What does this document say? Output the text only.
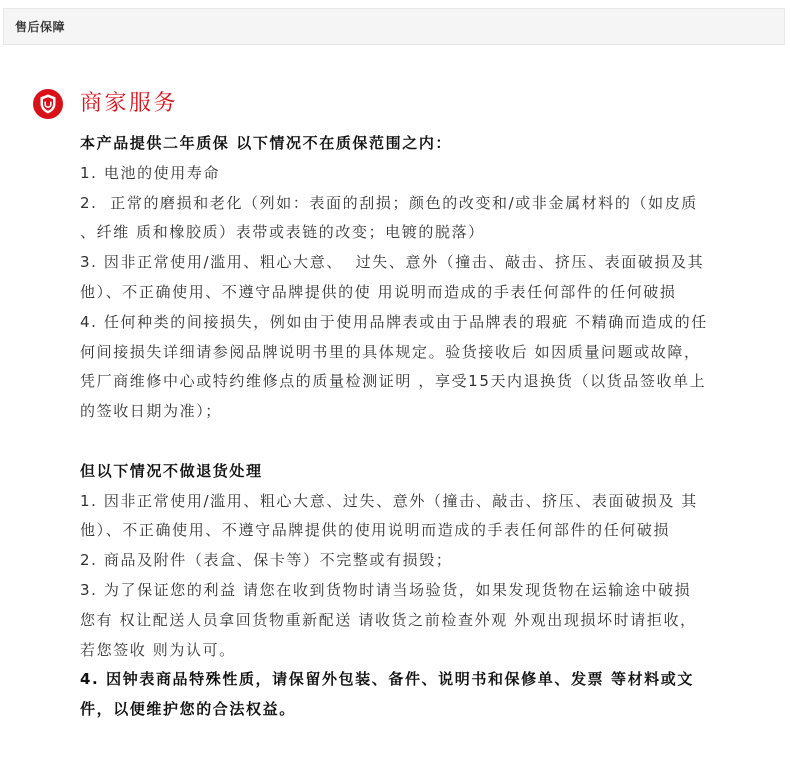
售后保障
商家服务
本产品提供二年质保 以下情况不在质保范围之内：
1. 电池的使用寿命
2.  正常的磨损和老化（列如：表面的刮损；颜色的改变和/或非金属材料的（如皮质
、纤维 质和橡胶质）表带或表链的改变；电镀的脱落）
3. 因非正常使用/滥用、粗心大意、  过失、意外（撞击、敲击、挤压、表面破损及其
他）、不正确使用、不遵守品牌提供的使 用说明而造成的手表任何部件的任何破损
4. 任何种类的间接损失，例如由于使用品牌表或由于品牌表的瑕疵 不精确而造成的任
何间接损失详细请参阅品牌说明书里的具体规定。验货接收后 如因质量问题或故障，
凭厂商维修中心或特约维修点的质量检测证明 ，享受15天内退换货（以货品签收单上
的签收日期为准）；
但以下情况不做退货处理
1. 因非正常使用/滥用、粗心大意、过失、意外（撞击、敲击、挤压、表面破损及 其
他）、不正确使用、不遵守品牌提供的使用说明而造成的手表任何部件的任何破损
2. 商品及附件（表盒、保卡等）不完整或有损毁；
3. 为了保证您的利益 请您在收到货物时请当场验货，如果发现货物在运输途中破损
您有 权让配送人员拿回货物重新配送 请收货之前检查外观 外观出现损坏时请拒收，
若您签收 则为认可。
4. 因钟表商品特殊性质，请保留外包装、备件、说明书和保修单、发票 等材料或文
件，以便维护您的合法权益。
